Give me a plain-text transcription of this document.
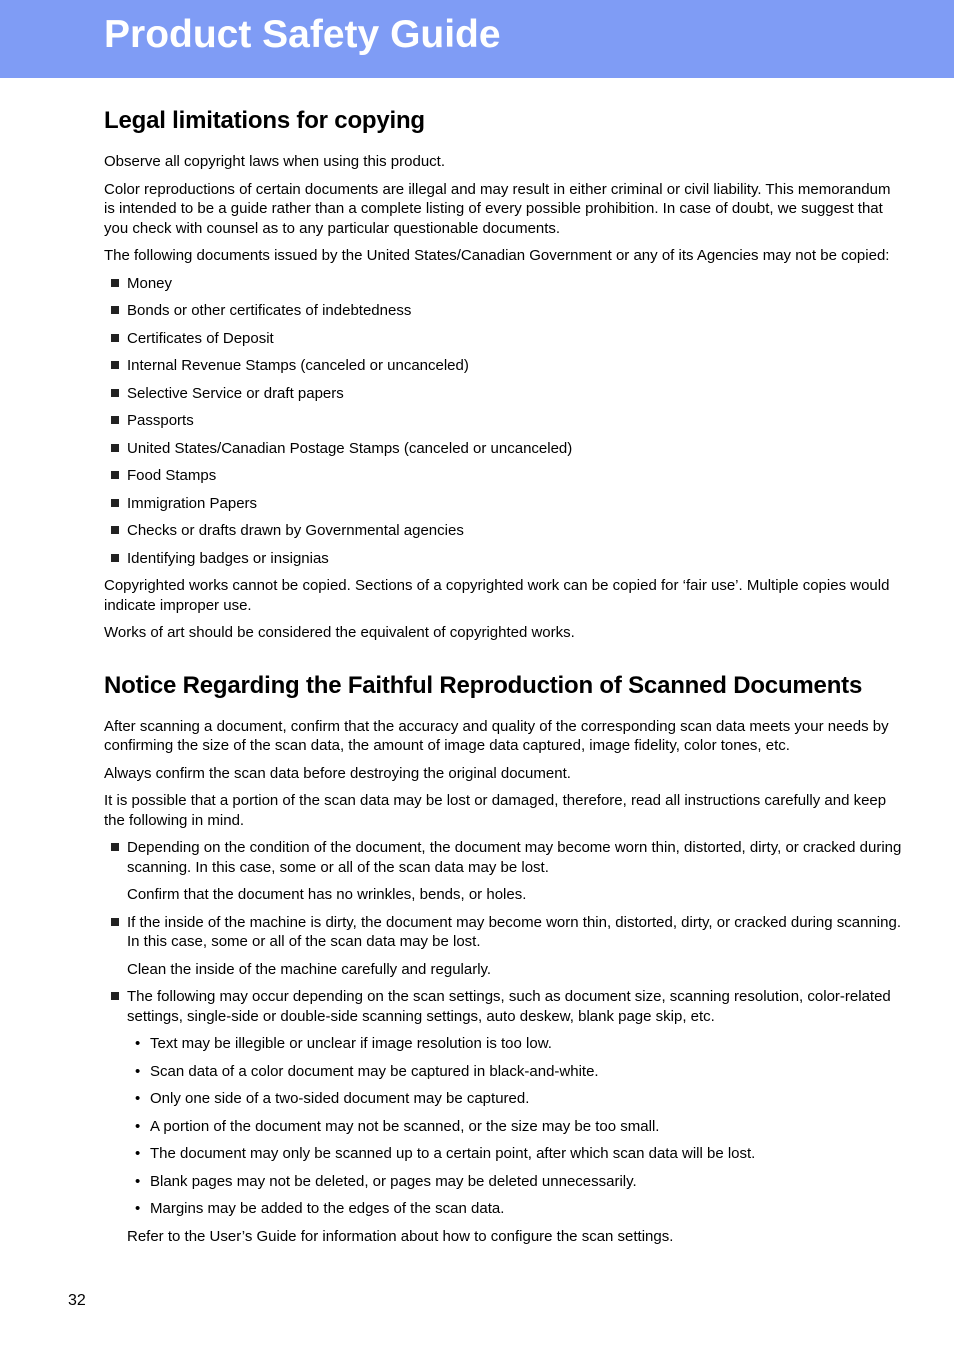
Product Safety Guide
Legal limitations for copying

Observe all copyright laws when using this product.

Color reproductions of certain documents are illegal and may result in either criminal or civil liability. This memorandum is intended to be a guide rather than a complete listing of every possible prohibition. In case of doubt, we suggest that you check with counsel as to any particular questionable documents.

The following documents issued by the United States/Canadian Government or any of its Agencies may not be copied:

Money
Bonds or other certificates of indebtedness
Certificates of Deposit
Internal Revenue Stamps (canceled or uncanceled)
Selective Service or draft papers
Passports
United States/Canadian Postage Stamps (canceled or uncanceled)
Food Stamps
Immigration Papers
Checks or drafts drawn by Governmental agencies
Identifying badges or insignias

Copyrighted works cannot be copied. Sections of a copyrighted work can be copied for ‘fair use’. Multiple copies would indicate improper use.

Works of art should be considered the equivalent of copyrighted works.

Notice Regarding the Faithful Reproduction of Scanned Documents

After scanning a document, confirm that the accuracy and quality of the corresponding scan data meets your needs by confirming the size of the scan data, the amount of image data captured, image fidelity, color tones, etc.

Always confirm the scan data before destroying the original document.

It is possible that a portion of the scan data may be lost or damaged, therefore, read all instructions carefully and keep the following in mind.

Depending on the condition of the document, the document may become worn thin, distorted, dirty, or cracked during scanning. In this case, some or all of the scan data may be lost.

Confirm that the document has no wrinkles, bends, or holes.

If the inside of the machine is dirty, the document may become worn thin, distorted, dirty, or cracked during scanning. In this case, some or all of the scan data may be lost.

Clean the inside of the machine carefully and regularly.

The following may occur depending on the scan settings, such as document size, scanning resolution, color-related settings, single-side or double-side scanning settings, auto deskew, blank page skip, etc.
• Text may be illegible or unclear if image resolution is too low.
• Scan data of a color document may be captured in black-and-white.
• Only one side of a two-sided document may be captured.
• A portion of the document may not be scanned, or the size may be too small.
• The document may only be scanned up to a certain point, after which scan data will be lost.
• Blank pages may not be deleted, or pages may be deleted unnecessarily.
• Margins may be added to the edges of the scan data.

Refer to the User’s Guide for information about how to configure the scan settings.

32
